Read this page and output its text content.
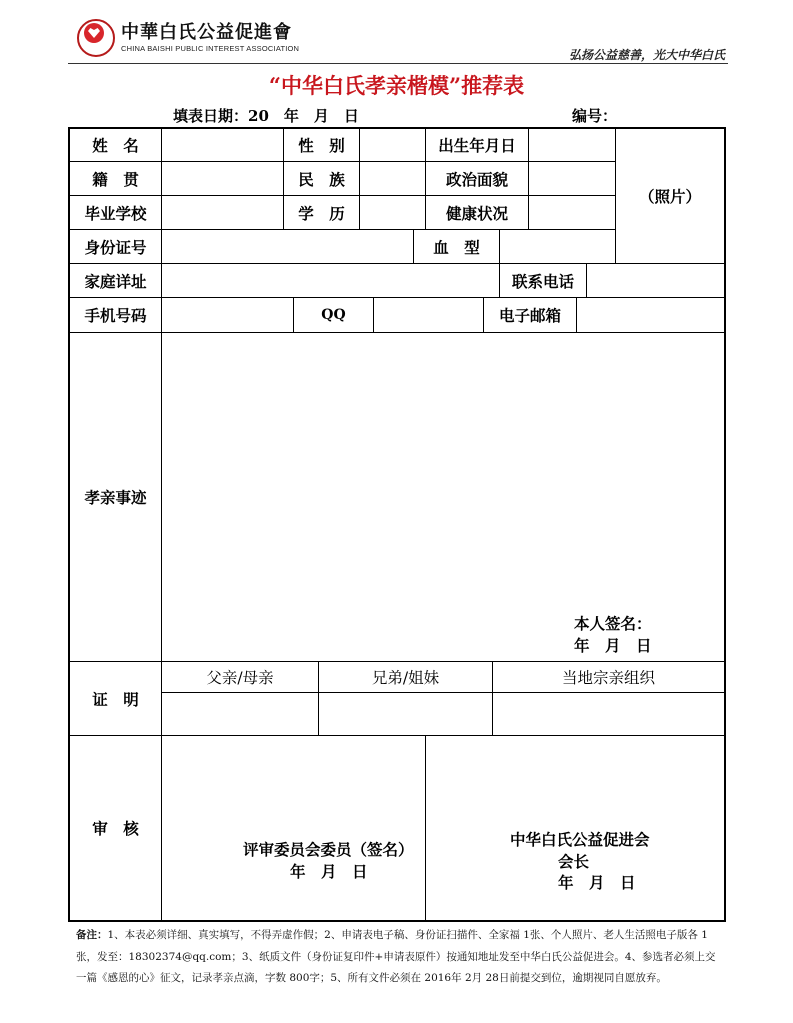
中華白氏公益促進會
CHINA BAISHI PUBLIC INTEREST ASSOCIATION	弘扬公益慈善，光大中华白氏
“中华白氏孝亲楷模”推荐表
填表日期：20　年　月　日	编号：
姓　名	性　别	出生年月日
（照片）
籍　贯	民　族	政治面貌
毕业学校	学　历	健康状况
身份证号	血　型
家庭详址	联系电话
手机号码	QQ	电子邮箱
孝亲事迹
本人签名：
年　月　日
证　明
父亲/母亲	兄弟/姐妹	当地宗亲组织
审　核
评审委员会委员（签名）
年　月　日
中华白氏公益促进会
会长
年　月　日
备注：1、本表必须详细、真实填写，不得弄虚作假；2、申请表电子稿、身份证扫描件、全家福 1张、个人照片、老人生活照电子版各 1张，发至：18302374@qq.com；3、纸质文件（身份证复印件+申请表原件）按通知地址发至中华白氏公益促进会。4、参选者必须上交一篇《感恩的心》征文，记录孝亲点滴，字数 800字；5、所有文件必须在 2016年 2月 28日前提交到位，逾期视同自愿放弃。
